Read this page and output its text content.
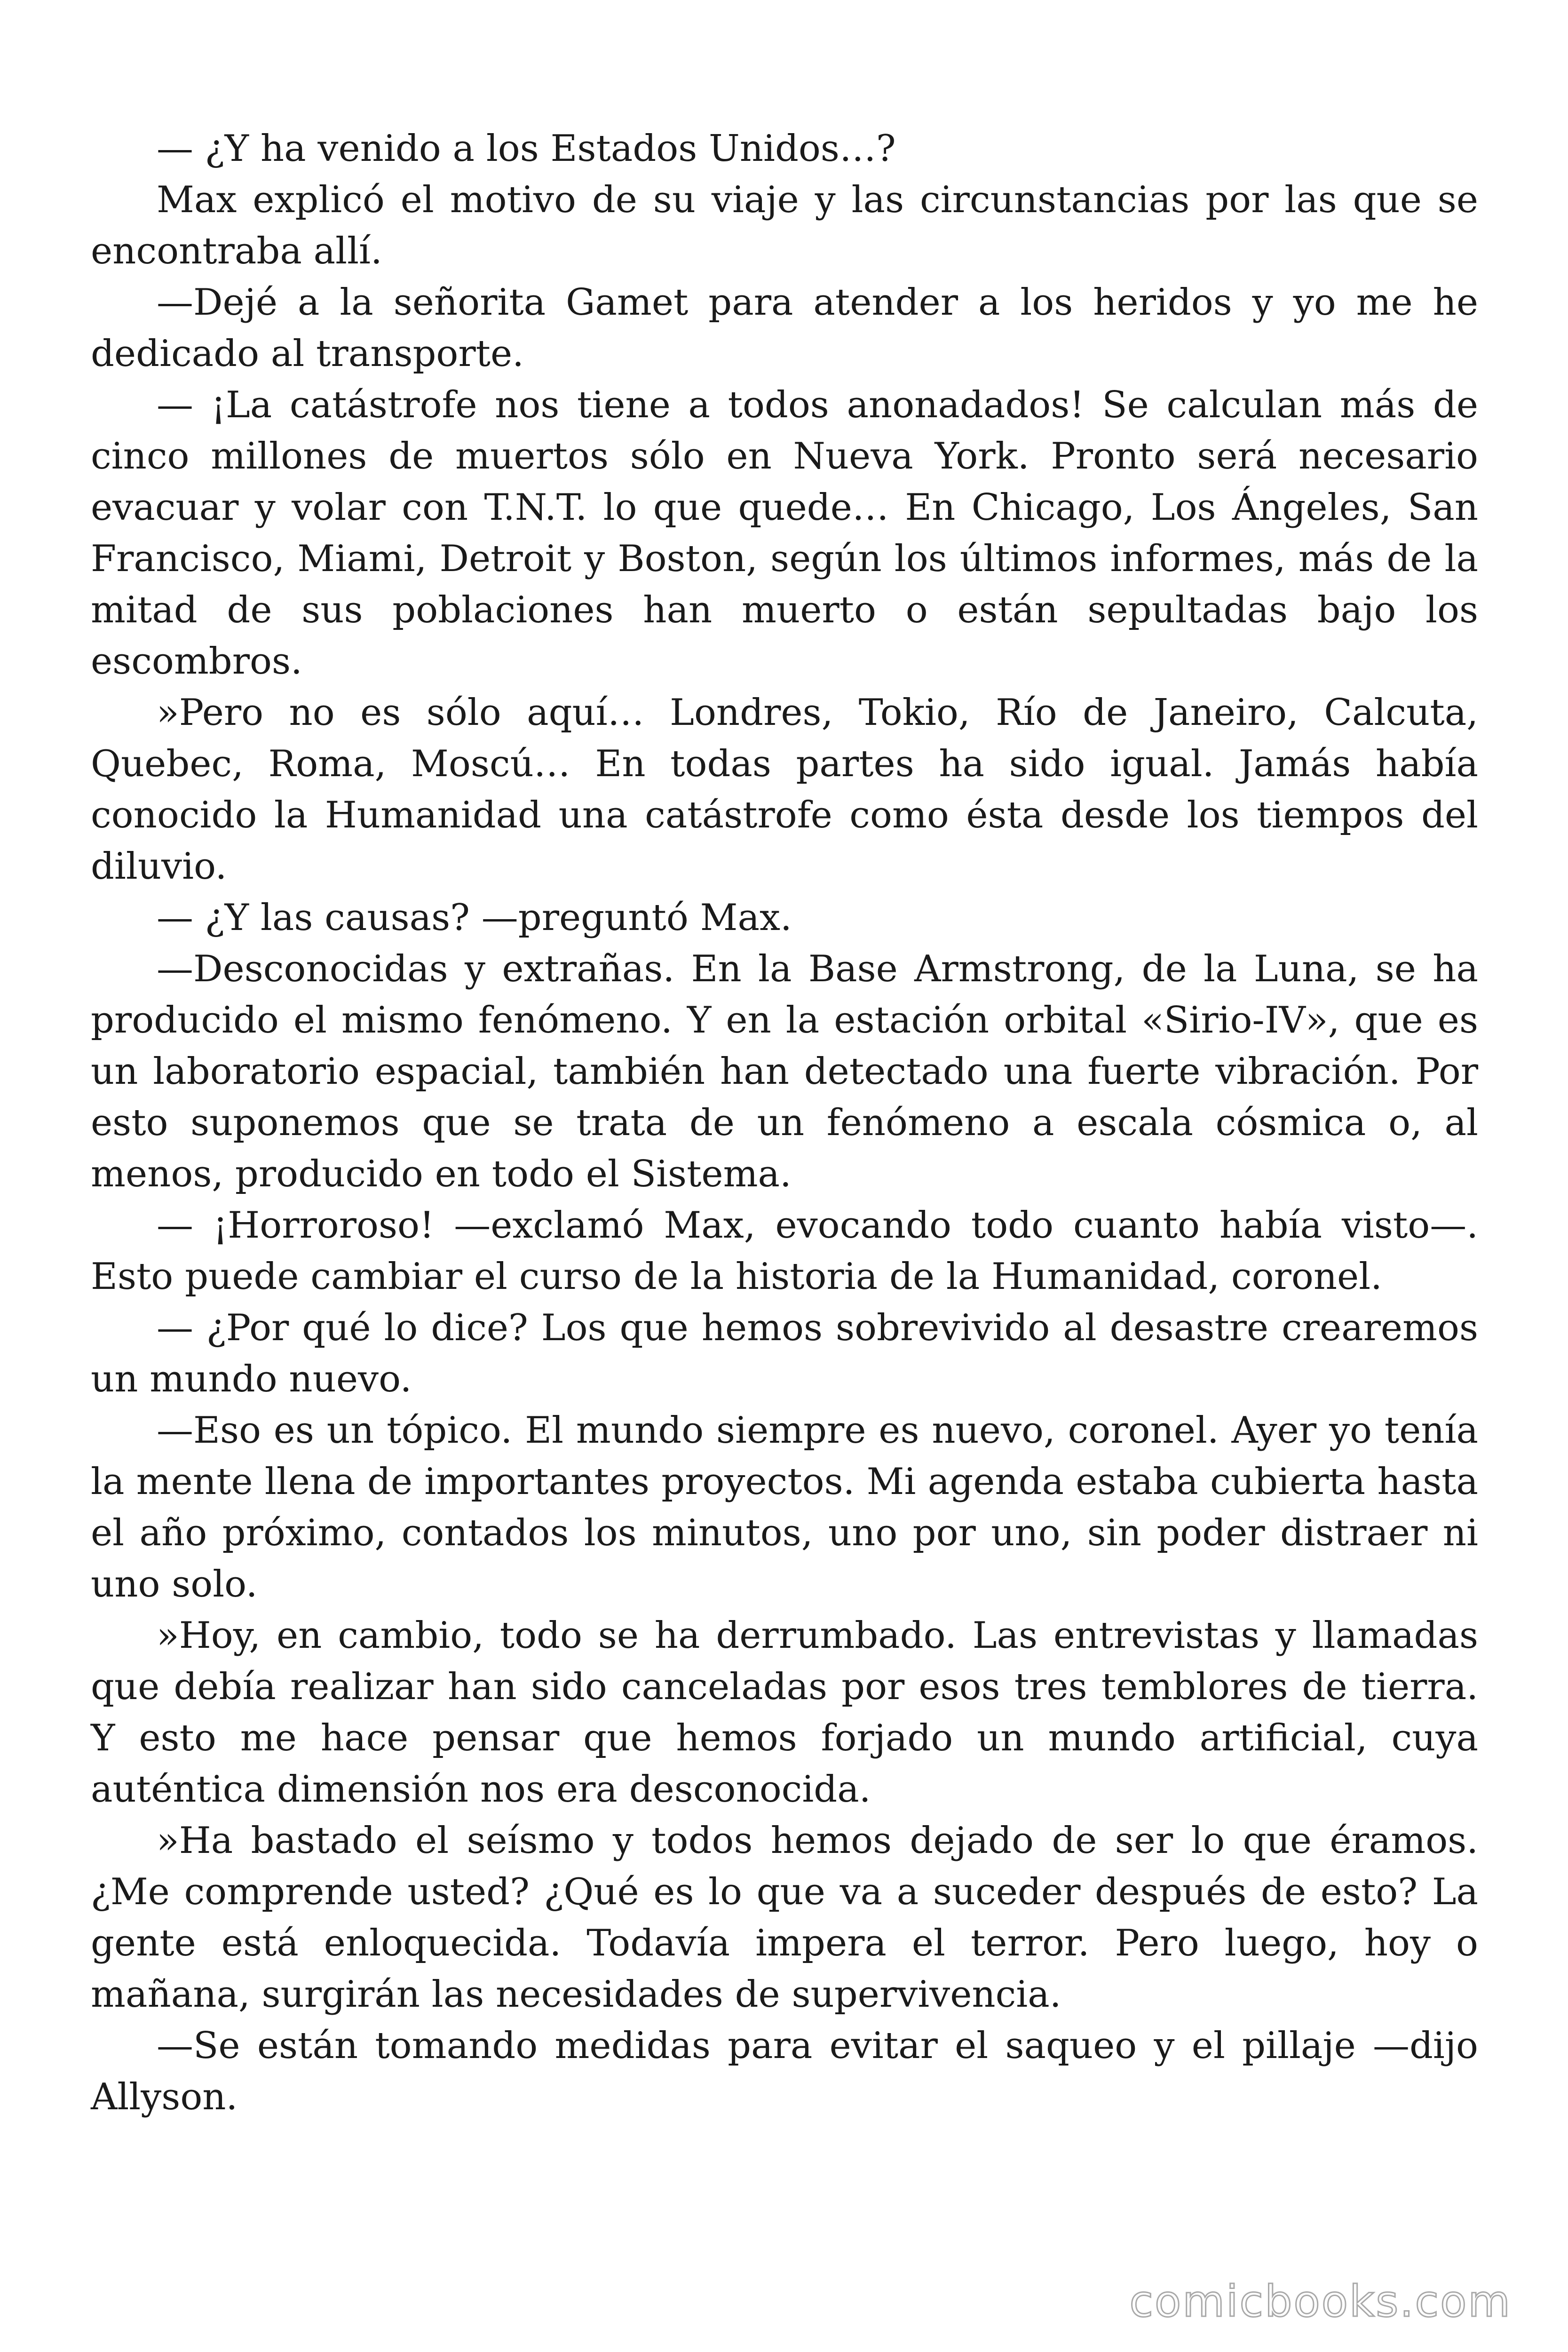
— ¿Y ha venido a los Estados Unidos…?

Max explicó el motivo de su viaje y las circunstancias por las que se encontraba allí.

—Dejé a la señorita Gamet para atender a los heridos y yo me he dedicado al transporte.

— ¡La catástrofe nos tiene a todos anonadados! Se calculan más de cinco millones de muertos sólo en Nueva York. Pronto será necesario evacuar y volar con T.N.T. lo que quede… En Chicago, Los Ángeles, San Francisco, Miami, Detroit y Boston, según los últimos informes, más de la mitad de sus poblaciones han muerto o están sepultadas bajo los escombros.

»Pero no es sólo aquí… Londres, Tokio, Río de Janeiro, Calcuta, Quebec, Roma, Moscú… En todas partes ha sido igual. Jamás había conocido la Humanidad una catástrofe como ésta desde los tiempos del diluvio.

— ¿Y las causas? —preguntó Max.

—Desconocidas y extrañas. En la Base Armstrong, de la Luna, se ha producido el mismo fenómeno. Y en la estación orbital «Sirio-IV», que es un laboratorio espacial, también han detectado una fuerte vibración. Por esto suponemos que se trata de un fenómeno a escala cósmica o, al menos, producido en todo el Sistema.

— ¡Horroroso! —exclamó Max, evocando todo cuanto había visto—. Esto puede cambiar el curso de la historia de la Humanidad, coronel.

— ¿Por qué lo dice? Los que hemos sobrevivido al desastre crearemos un mundo nuevo.

—Eso es un tópico. El mundo siempre es nuevo, coronel. Ayer yo tenía la mente llena de importantes proyectos. Mi agenda estaba cubierta hasta el año próximo, contados los minutos, uno por uno, sin poder distraer ni uno solo.

»Hoy, en cambio, todo se ha derrumbado. Las entrevistas y llamadas que debía realizar han sido canceladas por esos tres temblores de tierra. Y esto me hace pensar que hemos forjado un mundo artificial, cuya auténtica dimensión nos era desconocida.

»Ha bastado el seísmo y todos hemos dejado de ser lo que éramos. ¿Me comprende usted? ¿Qué es lo que va a suceder después de esto? La gente está enloquecida. Todavía impera el terror. Pero luego, hoy o mañana, surgirán las necesidades de supervivencia.

—Se están tomando medidas para evitar el saqueo y el pillaje —dijo Allyson.

comicbooks.com
